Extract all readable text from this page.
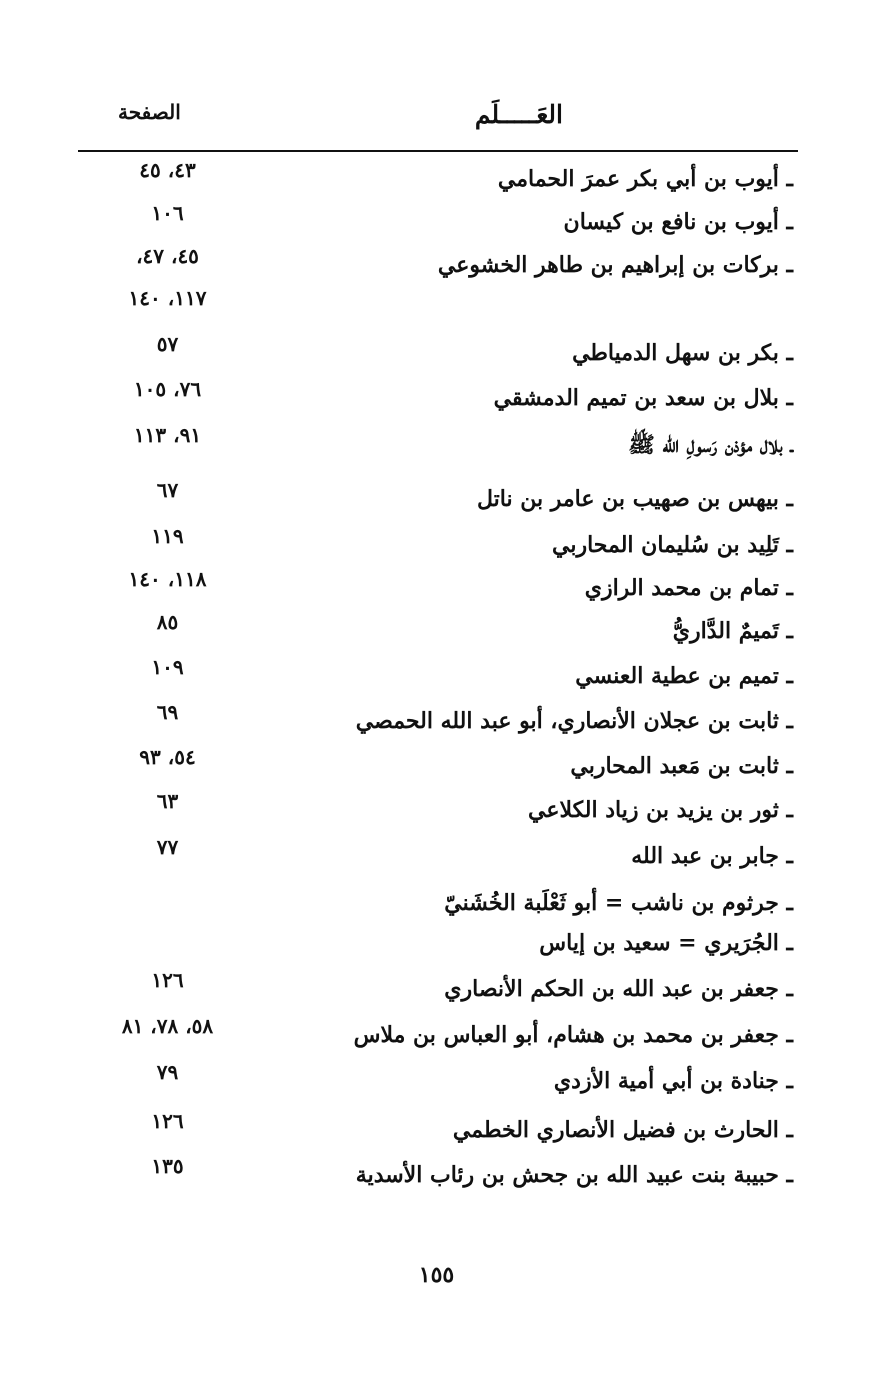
العَـــــلَم
الصفحة
ـ أيوب بن أبي بكر عمرَ الحمامي
٤٣، ٤٥
ـ أيوب بن نافع بن كيسان
١٠٦
ـ بركات بن إبراهيم بن طاهر الخشوعي
٤٥، ٤٧،
١١٧، ١٤٠
ـ بكر بن سهل الدمياطي
٥٧
ـ بلال بن سعد بن تميم الدمشقي
٧٦، ١٠٥
ـ بلال مؤذن رَسولِ الله ﷺ
٩١، ١١٣
ـ بيهس بن صهيب بن عامر بن ناتل
٦٧
ـ تَلِيد بن سُليمان المحاربي
١١٩
ـ تمام بن محمد الرازي
١١٨، ١٤٠
ـ تَميمٌ الدَّاريُّ
٨٥
ـ تميم بن عطية العنسي
١٠٩
ـ ثابت بن عجلان الأنصاري، أبو عبد الله الحمصي
٦٩
ـ ثابت بن مَعبد المحاربي
٥٤، ٩٣
ـ ثور بن يزيد بن زياد الكلاعي
٦٣
ـ جابر بن عبد الله
٧٧
ـ جرثوم بن ناشب = أبو ثَعْلَبة الخُشَنيّ
ـ الجُرَيري = سعيد بن إياس
ـ جعفر بن عبد الله بن الحكم الأنصاري
١٢٦
ـ جعفر بن محمد بن هشام، أبو العباس بن ملاس
٥٨، ٧٨، ٨١
ـ جنادة بن أبي أمية الأزدي
٧٩
ـ الحارث بن فضيل الأنصاري الخطمي
١٢٦
ـ حبيبة بنت عبيد الله بن جحش بن رئاب الأسدية
١٣٥
١٥٥
